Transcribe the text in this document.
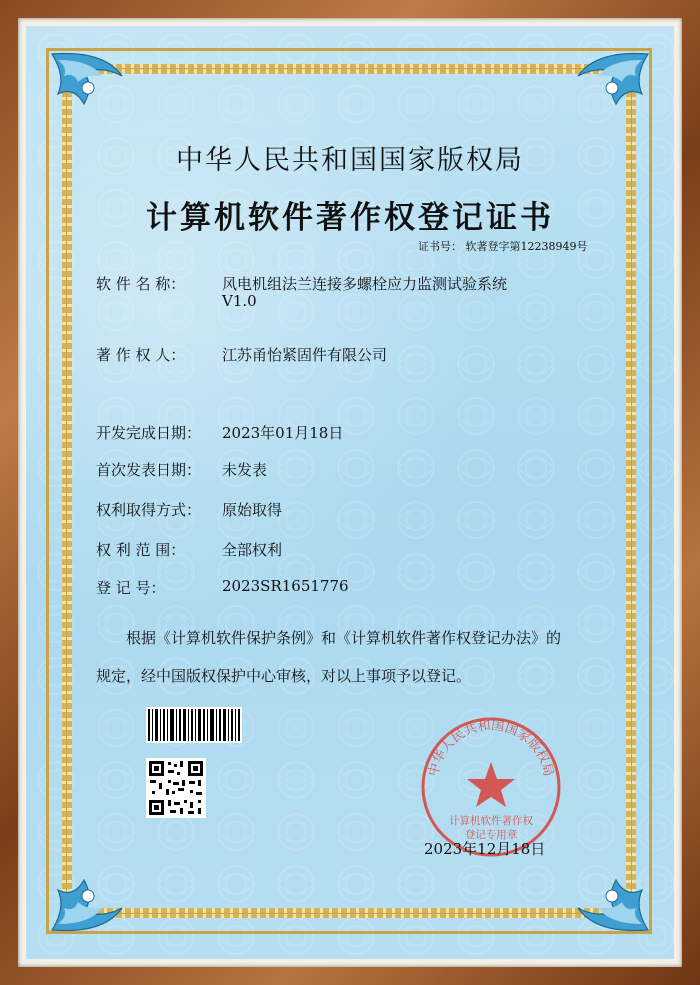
中华人民共和国国家版权局
计算机软件著作权登记证书
证书号： 软著登字第12238949号
软 件 名 称：	风电机组法兰连接多螺栓应力监测试验系统
V1.0
著 作 权 人：	江苏甬怡紧固件有限公司
开发完成日期：	2023年01月18日
首次发表日期：	未发表
权利取得方式：	原始取得
权 利 范 围：	全部权利
登 记 号：	2023SR1651776
根据《计算机软件保护条例》和《计算机软件著作权登记办法》的
规定，经中国版权保护中心审核，对以上事项予以登记。
中华人民共和国国家版权局
计算机软件著作权
登记专用章
2023年12月18日
